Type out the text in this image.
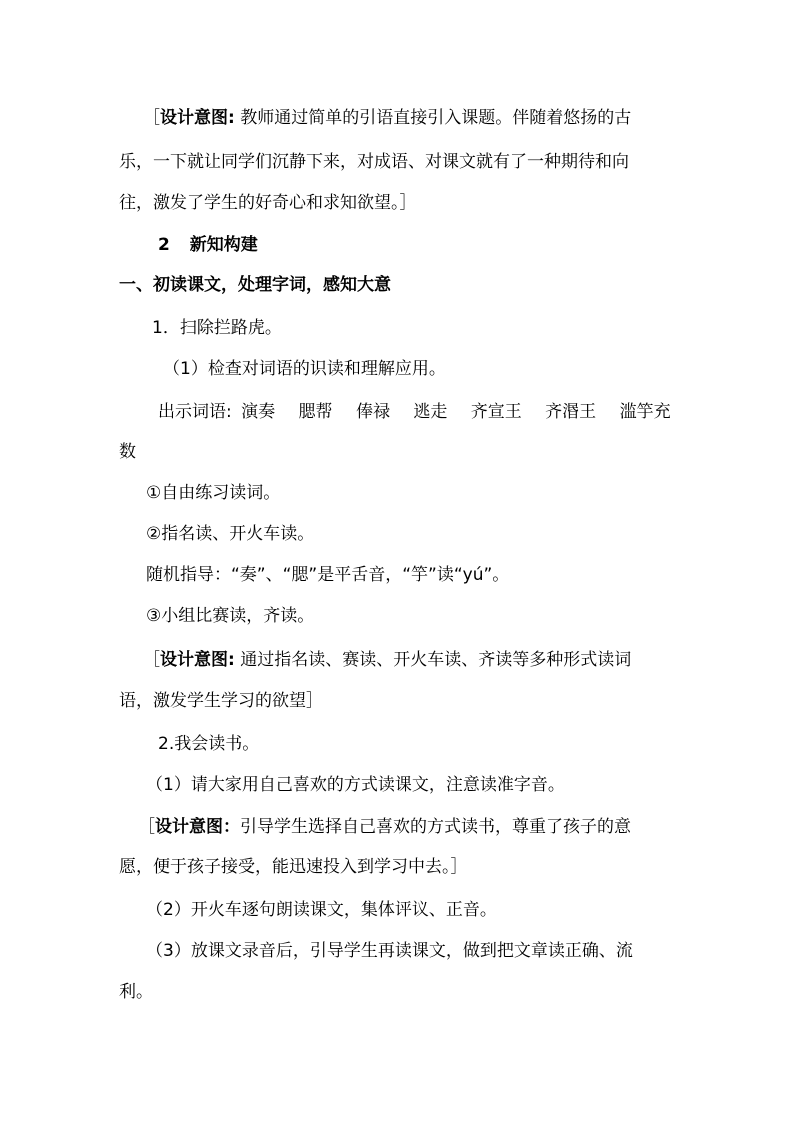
［设计意图: 教师通过简单的引语直接引入课题。伴随着悠扬的古
乐，一下就让同学们沉静下来，对成语、对课文就有了一种期待和向
往，激发了学生的好奇心和求知欲望。］
2 新知构建
一、初读课文，处理字词，感知大意
1．扫除拦路虎。
（1）检查对词语的识读和理解应用。
出示词语: 演奏 腮帮 俸禄 逃走 齐宣王 齐湣王 滥竽充
数
①自由练习读词。
②指名读、开火车读。
随机指导：“奏”、“腮”是平舌音，“竽”读“yú”。
③小组比赛读，齐读。
［设计意图: 通过指名读、赛读、开火车读、齐读等多种形式读词
语，激发学生学习的欲望］
2.我会读书。
（1）请大家用自己喜欢的方式读课文，注意读准字音。
［设计意图：引导学生选择自己喜欢的方式读书，尊重了孩子的意
愿，便于孩子接受，能迅速投入到学习中去。］
（2）开火车逐句朗读课文，集体评议、正音。
（3）放课文录音后，引导学生再读课文，做到把文章读正确、流
利。
